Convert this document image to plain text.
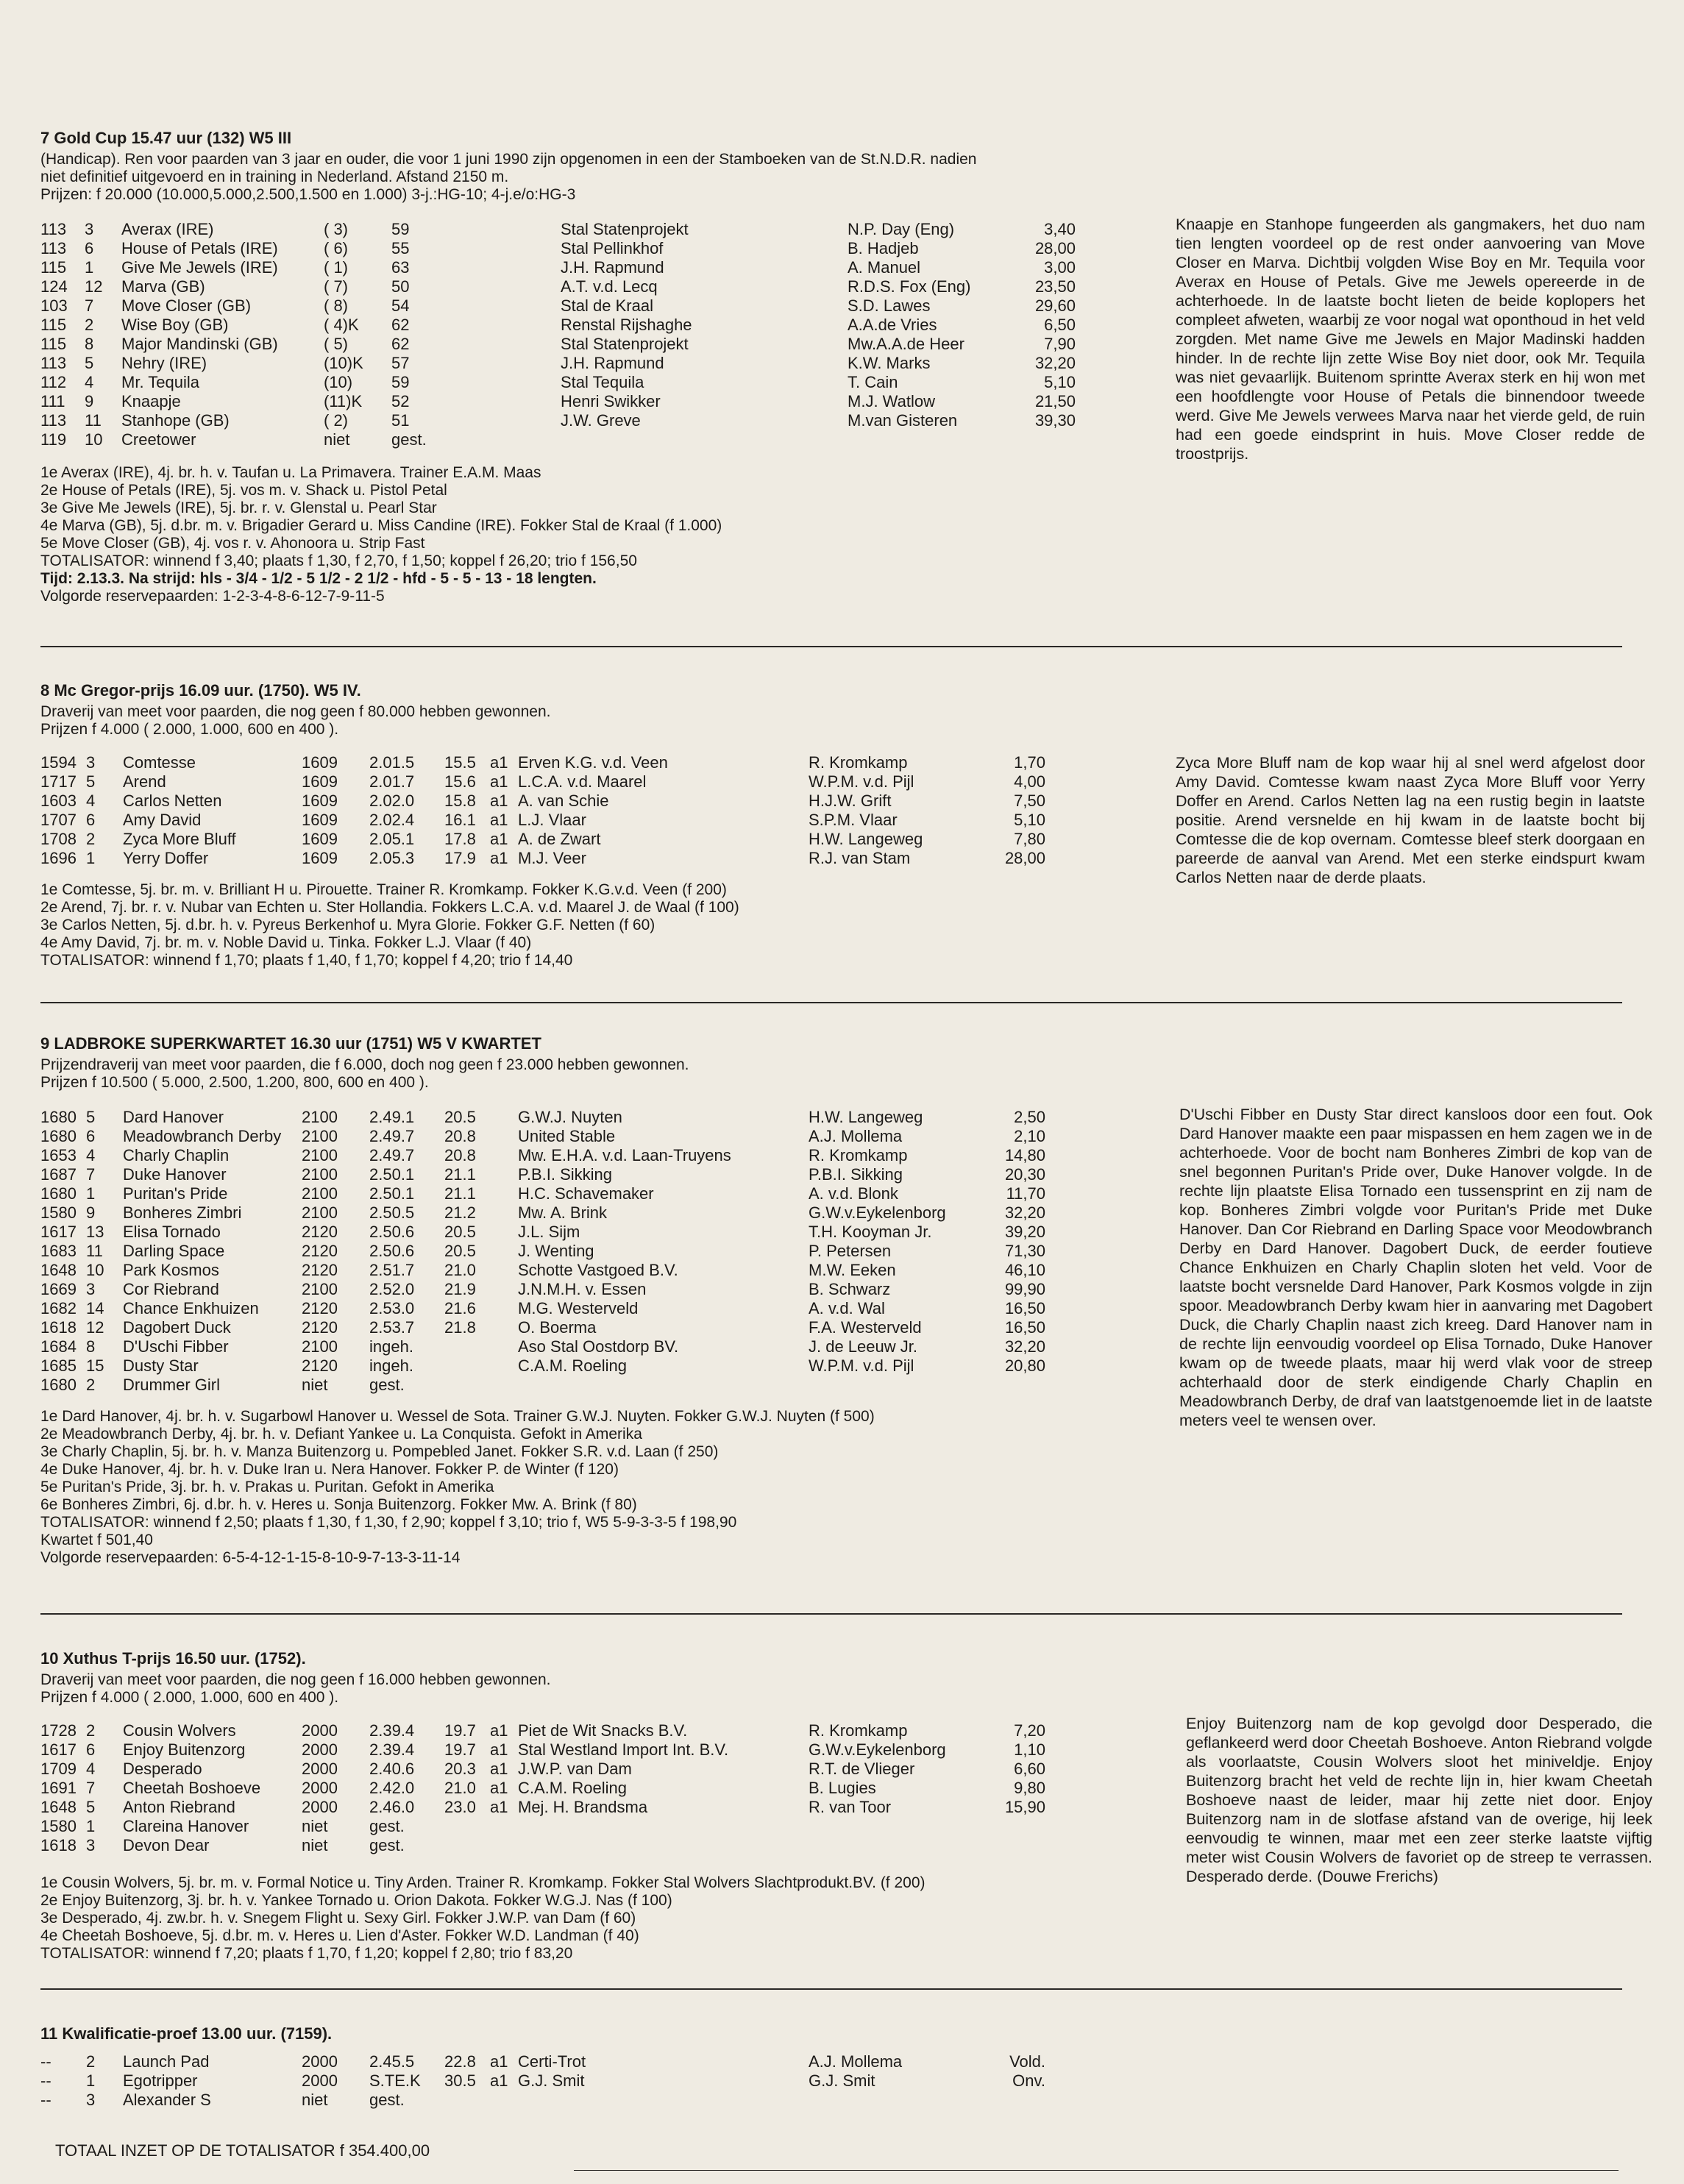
7 Gold Cup 15.47 uur (132) W5 III
(Handicap). Ren voor paarden van 3 jaar en ouder, die voor 1 juni 1990 zijn opgenomen in een der Stamboeken van de St.N.D.R. nadien
niet definitief uitgevoerd en in training in Nederland. Afstand 2150 m.
Prijzen: f 20.000 (10.000,5.000,2.500,1.500 en 1.000) 3-j.:HG-10; 4-j.e/o:HG-3
113	3	Averax (IRE)	( 3)	59	Stal Statenprojekt	N.P. Day (Eng)	3,40
113	6	House of Petals (IRE)	( 6)	55	Stal Pellinkhof	B. Hadjeb	28,00
115	1	Give Me Jewels (IRE)	( 1)	63	J.H. Rapmund	A. Manuel	3,00
124	12	Marva (GB)	( 7)	50	A.T. v.d. Lecq	R.D.S. Fox (Eng)	23,50
103	7	Move Closer (GB)	( 8)	54	Stal de Kraal	S.D. Lawes	29,60
115	2	Wise Boy (GB)	( 4)K	62	Renstal Rijshaghe	A.A.de Vries	6,50
115	8	Major Mandinski (GB)	( 5)	62	Stal Statenprojekt	Mw.A.A.de Heer	7,90
113	5	Nehry (IRE)	(10)K	57	J.H. Rapmund	K.W. Marks	32,20
112	4	Mr. Tequila	(10)	59	Stal Tequila	T. Cain	5,10
111	9	Knaapje	(11)K	52	Henri Swikker	M.J. Watlow	21,50
113	11	Stanhope (GB)	( 2)	51	J.W. Greve	M.van Gisteren	39,30
119	10	Creetower	niet	gest.			
1e Averax (IRE), 4j. br. h. v. Taufan u. La Primavera. Trainer E.A.M. Maas
2e House of Petals (IRE), 5j. vos m. v. Shack u. Pistol Petal
3e Give Me Jewels (IRE), 5j. br. r. v. Glenstal u. Pearl Star
4e Marva (GB), 5j. d.br. m. v. Brigadier Gerard u. Miss Candine (IRE). Fokker Stal de Kraal (f 1.000)
5e Move Closer (GB), 4j. vos r. v. Ahonoora u. Strip Fast
TOTALISATOR: winnend f 3,40; plaats f 1,30, f 2,70, f 1,50; koppel f 26,20; trio f 156,50
Tijd: 2.13.3. Na strijd: hls - 3/4 - 1/2 - 5 1/2 - 2 1/2 - hfd - 5 - 5 - 13 - 18 lengten.
Volgorde reservepaarden: 1-2-3-4-8-6-12-7-9-11-5
Knaapje en Stanhope fungeerden als gangmakers, het duo nam tien lengten voordeel op de rest onder aanvoering van Move Closer en Marva. Dichtbij volgden Wise Boy en Mr. Tequila voor Averax en House of Petals. Give me Jewels opereerde in de achterhoede. In de laatste bocht lieten de beide koplopers het compleet afweten, waarbij ze voor nogal wat oponthoud in het veld zorgden. Met name Give me Jewels en Major Madinski hadden hinder. In de rechte lijn zette Wise Boy niet door, ook Mr. Tequila was niet gevaarlijk. Buitenom sprintte Averax sterk en hij won met een hoofdlengte voor House of Petals die binnendoor tweede werd. Give Me Jewels verwees Marva naar het vierde geld, de ruin had een goede eindsprint in huis. Move Closer redde de troostprijs.
8 Mc Gregor-prijs 16.09 uur. (1750). W5 IV.
Draverij van meet voor paarden, die nog geen f 80.000 hebben gewonnen.
Prijzen f 4.000 ( 2.000, 1.000, 600 en 400 ).
1594	3	Comtesse	1609	2.01.5	15.5	a1	Erven K.G. v.d. Veen	R. Kromkamp	1,70
1717	5	Arend	1609	2.01.7	15.6	a1	L.C.A. v.d. Maarel	W.P.M. v.d. Pijl	4,00
1603	4	Carlos Netten	1609	2.02.0	15.8	a1	A. van Schie	H.J.W. Grift	7,50
1707	6	Amy David	1609	2.02.4	16.1	a1	L.J. Vlaar	S.P.M. Vlaar	5,10
1708	2	Zyca More Bluff	1609	2.05.1	17.8	a1	A. de Zwart	H.W. Langeweg	7,80
1696	1	Yerry Doffer	1609	2.05.3	17.9	a1	M.J. Veer	R.J. van Stam	28,00
1e Comtesse, 5j. br. m. v. Brilliant H u. Pirouette. Trainer R. Kromkamp. Fokker K.G.v.d. Veen (f 200)
2e Arend, 7j. br. r. v. Nubar van Echten u. Ster Hollandia. Fokkers L.C.A. v.d. Maarel J. de Waal (f 100)
3e Carlos Netten, 5j. d.br. h. v. Pyreus Berkenhof u. Myra Glorie. Fokker G.F. Netten (f 60)
4e Amy David, 7j. br. m. v. Noble David u. Tinka. Fokker L.J. Vlaar (f 40)
TOTALISATOR: winnend f 1,70; plaats f 1,40, f 1,70; koppel f 4,20; trio f 14,40
Zyca More Bluff nam de kop waar hij al snel werd afgelost door Amy David. Comtesse kwam naast Zyca More Bluff voor Yerry Doffer en Arend. Carlos Netten lag na een rustig begin in laatste positie. Arend versnelde en hij kwam in de laatste bocht bij Comtesse die de kop overnam. Comtesse bleef sterk doorgaan en pareerde de aanval van Arend. Met een sterke eindspurt kwam Carlos Netten naar de derde plaats.
9 LADBROKE SUPERKWARTET 16.30 uur (1751) W5 V KWARTET
Prijzendraverij van meet voor paarden, die f 6.000, doch nog geen f 23.000 hebben gewonnen.
Prijzen f 10.500 ( 5.000, 2.500, 1.200, 800, 600 en 400 ).
1680	5	Dard Hanover	2100	2.49.1	20.5		G.W.J. Nuyten	H.W. Langeweg	2,50
1680	6	Meadowbranch Derby	2100	2.49.7	20.8		United Stable	A.J. Mollema	2,10
1653	4	Charly Chaplin	2100	2.49.7	20.8		Mw. E.H.A. v.d. Laan-Truyens	R. Kromkamp	14,80
1687	7	Duke Hanover	2100	2.50.1	21.1		P.B.I. Sikking	P.B.I. Sikking	20,30
1680	1	Puritan's Pride	2100	2.50.1	21.1		H.C. Schavemaker	A. v.d. Blonk	11,70
1580	9	Bonheres Zimbri	2100	2.50.5	21.2		Mw. A. Brink	G.W.v.Eykelenborg	32,20
1617	13	Elisa Tornado	2120	2.50.6	20.5		J.L. Sijm	T.H. Kooyman Jr.	39,20
1683	11	Darling Space	2120	2.50.6	20.5		J. Wenting	P. Petersen	71,30
1648	10	Park Kosmos	2120	2.51.7	21.0		Schotte Vastgoed B.V.	M.W. Eeken	46,10
1669	3	Cor Riebrand	2100	2.52.0	21.9		J.N.M.H. v. Essen	B. Schwarz	99,90
1682	14	Chance Enkhuizen	2120	2.53.0	21.6		M.G. Westerveld	A. v.d. Wal	16,50
1618	12	Dagobert Duck	2120	2.53.7	21.8		O. Boerma	F.A. Westerveld	16,50
1684	8	D'Uschi Fibber	2100	ingeh.			Aso Stal Oostdorp BV.	J. de Leeuw Jr.	32,20
1685	15	Dusty Star	2120	ingeh.			C.A.M. Roeling	W.P.M. v.d. Pijl	20,80
1680	2	Drummer Girl	niet	gest.					
1e Dard Hanover, 4j. br. h. v. Sugarbowl Hanover u. Wessel de Sota. Trainer G.W.J. Nuyten. Fokker G.W.J. Nuyten (f 500)
2e Meadowbranch Derby, 4j. br. h. v. Defiant Yankee u. La Conquista. Gefokt in Amerika
3e Charly Chaplin, 5j. br. h. v. Manza Buitenzorg u. Pompebled Janet. Fokker S.R. v.d. Laan (f 250)
4e Duke Hanover, 4j. br. h. v. Duke Iran u. Nera Hanover. Fokker P. de Winter (f 120)
5e Puritan's Pride, 3j. br. h. v. Prakas u. Puritan. Gefokt in Amerika
6e Bonheres Zimbri, 6j. d.br. h. v. Heres u. Sonja Buitenzorg. Fokker Mw. A. Brink (f 80)
TOTALISATOR: winnend f 2,50; plaats f 1,30, f 1,30, f 2,90; koppel f 3,10; trio f, W5 5-9-3-3-5 f 198,90
Kwartet f 501,40
Volgorde reservepaarden: 6-5-4-12-1-15-8-10-9-7-13-3-11-14
D'Uschi Fibber en Dusty Star direct kansloos door een fout. Ook Dard Hanover maakte een paar mispassen en hem zagen we in de achterhoede. Voor de bocht nam Bonheres Zimbri de kop van de snel begonnen Puritan's Pride over, Duke Hanover volgde. In de rechte lijn plaatste Elisa Tornado een tussensprint en zij nam de kop. Bonheres Zimbri volgde voor Puritan's Pride met Duke Hanover. Dan Cor Riebrand en Darling Space voor Meodowbranch Derby en Dard Hanover. Dagobert Duck, de eerder foutieve Chance Enkhuizen en Charly Chaplin sloten het veld. Voor de laatste bocht versnelde Dard Hanover, Park Kosmos volgde in zijn spoor. Meadowbranch Derby kwam hier in aanvaring met Dagobert Duck, die Charly Chaplin naast zich kreeg. Dard Hanover nam in de rechte lijn eenvoudig voordeel op Elisa Tornado, Duke Hanover kwam op de tweede plaats, maar hij werd vlak voor de streep achterhaald door de sterk eindigende Charly Chaplin en Meadowbranch Derby, de draf van laatstgenoemde liet in de laatste meters veel te wensen over.
10 Xuthus T-prijs 16.50 uur. (1752).
Draverij van meet voor paarden, die nog geen f 16.000 hebben gewonnen.
Prijzen f 4.000 ( 2.000, 1.000, 600 en 400 ).
1728	2	Cousin Wolvers	2000	2.39.4	19.7	a1	Piet de Wit Snacks B.V.	R. Kromkamp	7,20
1617	6	Enjoy Buitenzorg	2000	2.39.4	19.7	a1	Stal Westland Import Int. B.V.	G.W.v.Eykelenborg	1,10
1709	4	Desperado	2000	2.40.6	20.3	a1	J.W.P. van Dam	R.T. de Vlieger	6,60
1691	7	Cheetah Boshoeve	2000	2.42.0	21.0	a1	C.A.M. Roeling	B. Lugies	9,80
1648	5	Anton Riebrand	2000	2.46.0	23.0	a1	Mej. H. Brandsma	R. van Toor	15,90
1580	1	Clareina Hanover	niet	gest.					
1618	3	Devon Dear	niet	gest.					
1e Cousin Wolvers, 5j. br. m. v. Formal Notice u. Tiny Arden. Trainer R. Kromkamp. Fokker Stal Wolvers Slachtprodukt.BV. (f 200)
2e Enjoy Buitenzorg, 3j. br. h. v. Yankee Tornado u. Orion Dakota. Fokker W.G.J. Nas (f 100)
3e Desperado, 4j. zw.br. h. v. Snegem Flight u. Sexy Girl. Fokker J.W.P. van Dam (f 60)
4e Cheetah Boshoeve, 5j. d.br. m. v. Heres u. Lien d'Aster. Fokker W.D. Landman (f 40)
TOTALISATOR: winnend f 7,20; plaats f 1,70, f 1,20; koppel f 2,80; trio f 83,20
Enjoy Buitenzorg nam de kop gevolgd door Desperado, die geflankeerd werd door Cheetah Boshoeve. Anton Riebrand volgde als voorlaatste, Cousin Wolvers sloot het miniveldje. Enjoy Buitenzorg bracht het veld de rechte lijn in, hier kwam Cheetah Boshoeve naast de leider, maar hij zette niet door. Enjoy Buitenzorg nam in de slotfase afstand van de overige, hij leek eenvoudig te winnen, maar met een zeer sterke laatste vijftig meter wist Cousin Wolvers de favoriet op de streep te verrassen. Desperado derde. (Douwe Frerichs)
11 Kwalificatie-proef 13.00 uur. (7159).
--	2	Launch Pad	2000	2.45.5	22.8	a1	Certi-Trot	A.J. Mollema	Vold.
--	1	Egotripper	2000	S.TE.K	30.5	a1	G.J. Smit	G.J. Smit	Onv.
--	3	Alexander S	niet	gest.					
TOTAAL INZET OP DE TOTALISATOR f 354.400,00
